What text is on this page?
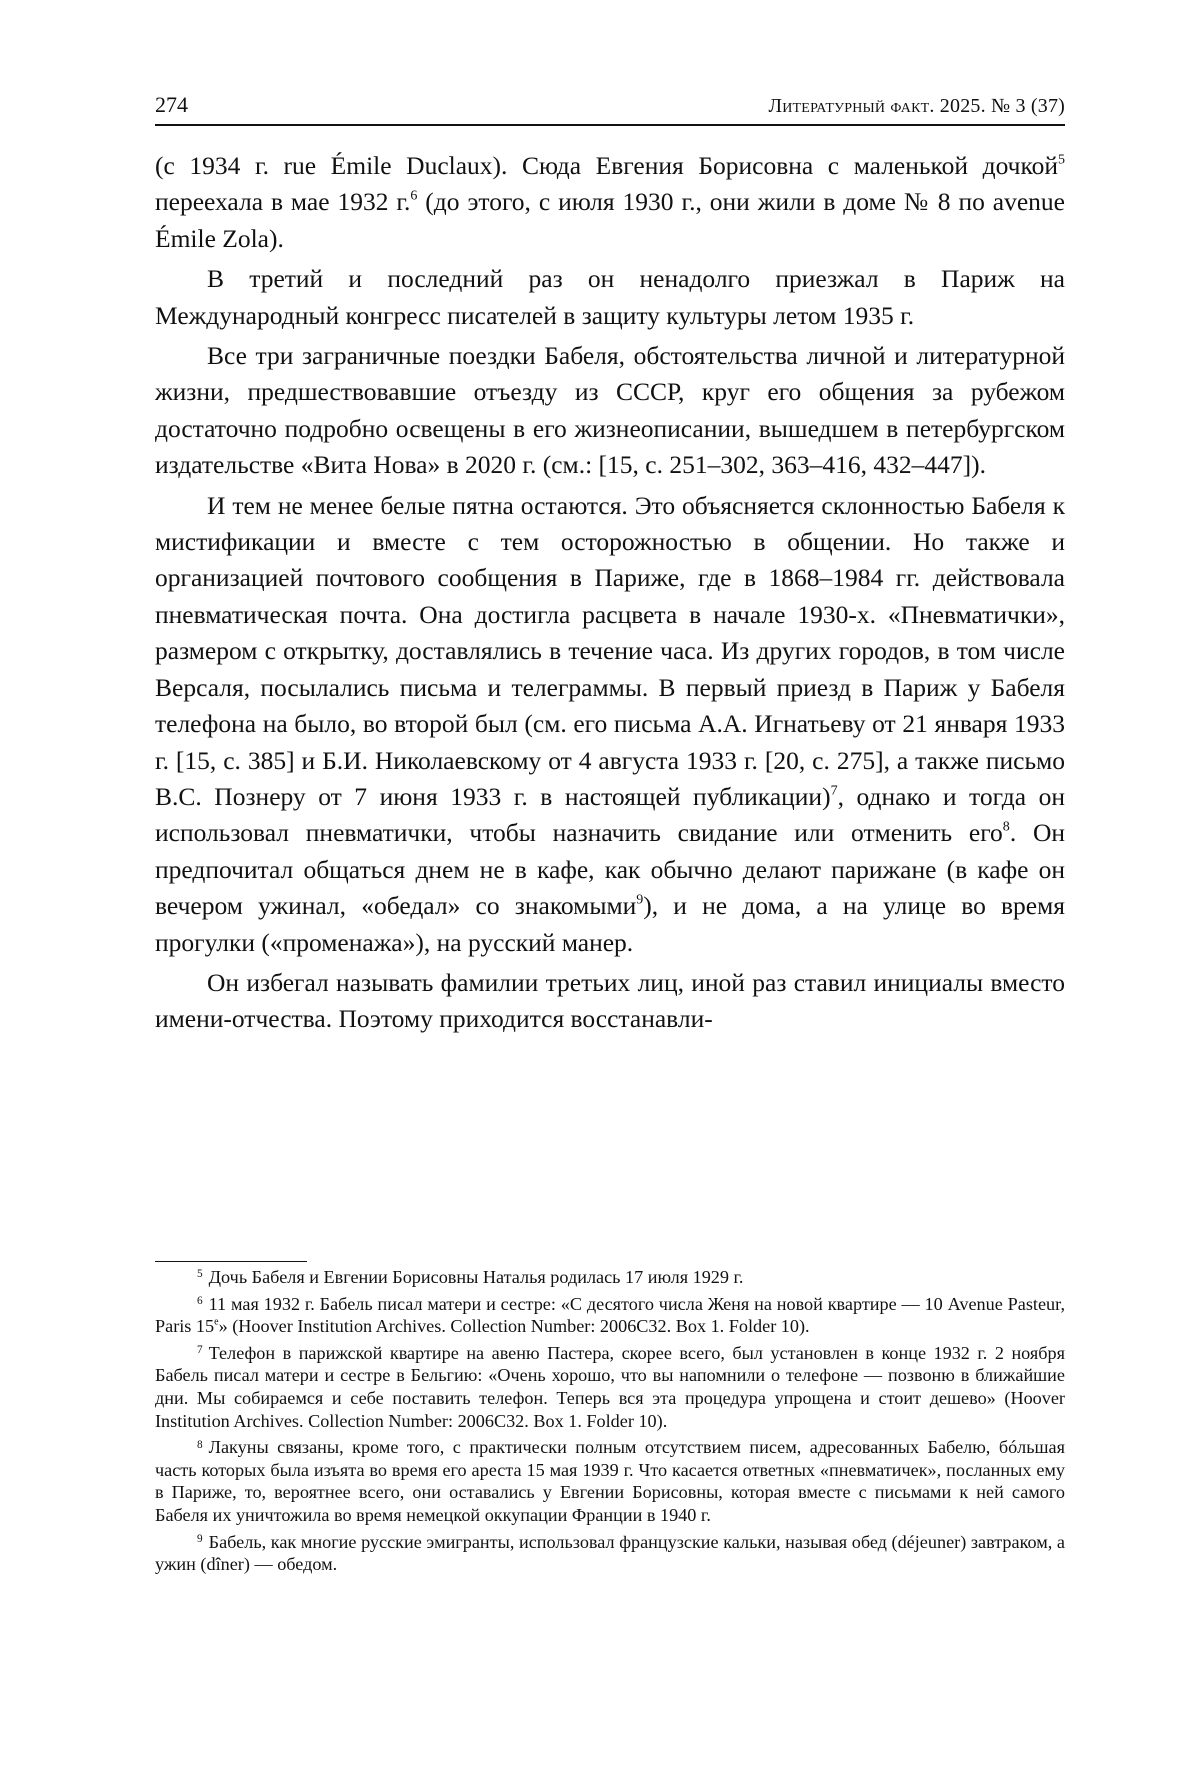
274	Литературный факт. 2025. № 3 (37)

(с 1934 г. rue Émile Duclaux). Сюда Евгения Борисовна с маленькой дочкой$^5$ переехала в мае 1932 г.$^6$ (до этого, с июля 1930 г., они жили в доме № 8 по avenue Émile Zola).

В третий и последний раз он ненадолго приезжал в Париж на Международный конгресс писателей в защиту культуры летом 1935 г.

Все три заграничные поездки Бабеля, обстоятельства личной и литературной жизни, предшествовавшие отъезду из СССР, круг его общения за рубежом достаточно подробно освещены в его жизнеописании, вышедшем в петербургском издательстве «Вита Нова» в 2020 г. (см.: [15, с. 251–302, 363–416, 432–447]).

И тем не менее белые пятна остаются. Это объясняется склонностью Бабеля к мистификации и вместе с тем осторожностью в общении. Но также и организацией почтового сообщения в Париже, где в 1868–1984 гг. действовала пневматическая почта. Она достигла расцвета в начале 1930-х. «Пневматички», размером с открытку, доставлялись в течение часа. Из других городов, в том числе Версаля, посылались письма и телеграммы. В первый приезд в Париж у Бабеля телефона на было, во второй был (см. его письма А.А. Игнатьеву от 21 января 1933 г. [15, с. 385] и Б.И. Николаевскому от 4 августа 1933 г. [20, с. 275], а также письмо В.С. Познеру от 7 июня 1933 г. в настоящей публикации)$^7$, однако и тогда он использовал пневматички, чтобы назначить свидание или отменить его$^8$. Он предпочитал общаться днем не в кафе, как обычно делают парижане (в кафе он вечером ужинал, «обедал» со знакомыми$^9$), и не дома, а на улице во время прогулки («променажа»), на русский манер.

Он избегал называть фамилии третьих лиц, иной раз ставил инициалы вместо имени-отчества. Поэтому приходится восстанавли-

$^5$ Дочь Бабеля и Евгении Борисовны Наталья родилась 17 июля 1929 г.

$^6$ 11 мая 1932 г. Бабель писал матери и сестре: «С десятого числа Женя на новой квартире — 10 Avenue Pasteur, Paris 15e» (Hoover Institution Archives. Collection Number: 2006C32. Box 1. Folder 10).

$^7$ Телефон в парижской квартире на авеню Пастера, скорее всего, был установлен в конце 1932 г. 2 ноября Бабель писал матери и сестре в Бельгию: «Очень хорошо, что вы напомнили о телефоне — позвоню в ближайшие дни. Мы собираемся и себе поставить телефон. Теперь вся эта процедура упрощена и стоит дешево» (Hoover Institution Archives. Collection Number: 2006C32. Box 1. Folder 10).

$^8$ Лакуны связаны, кроме того, с практически полным отсутствием писем, адресованных Бабелю, бóльшая часть которых была изъята во время его ареста 15 мая 1939 г. Что касается ответных «пневматичек», посланных ему в Париже, то, вероятнее всего, они оставались у Евгении Борисовны, которая вместе с письмами к ней самого Бабеля их уничтожила во время немецкой оккупации Франции в 1940 г.

$^9$ Бабель, как многие русские эмигранты, использовал французские кальки, называя обед (déjeuner) завтраком, а ужин (dîner) — обедом.
